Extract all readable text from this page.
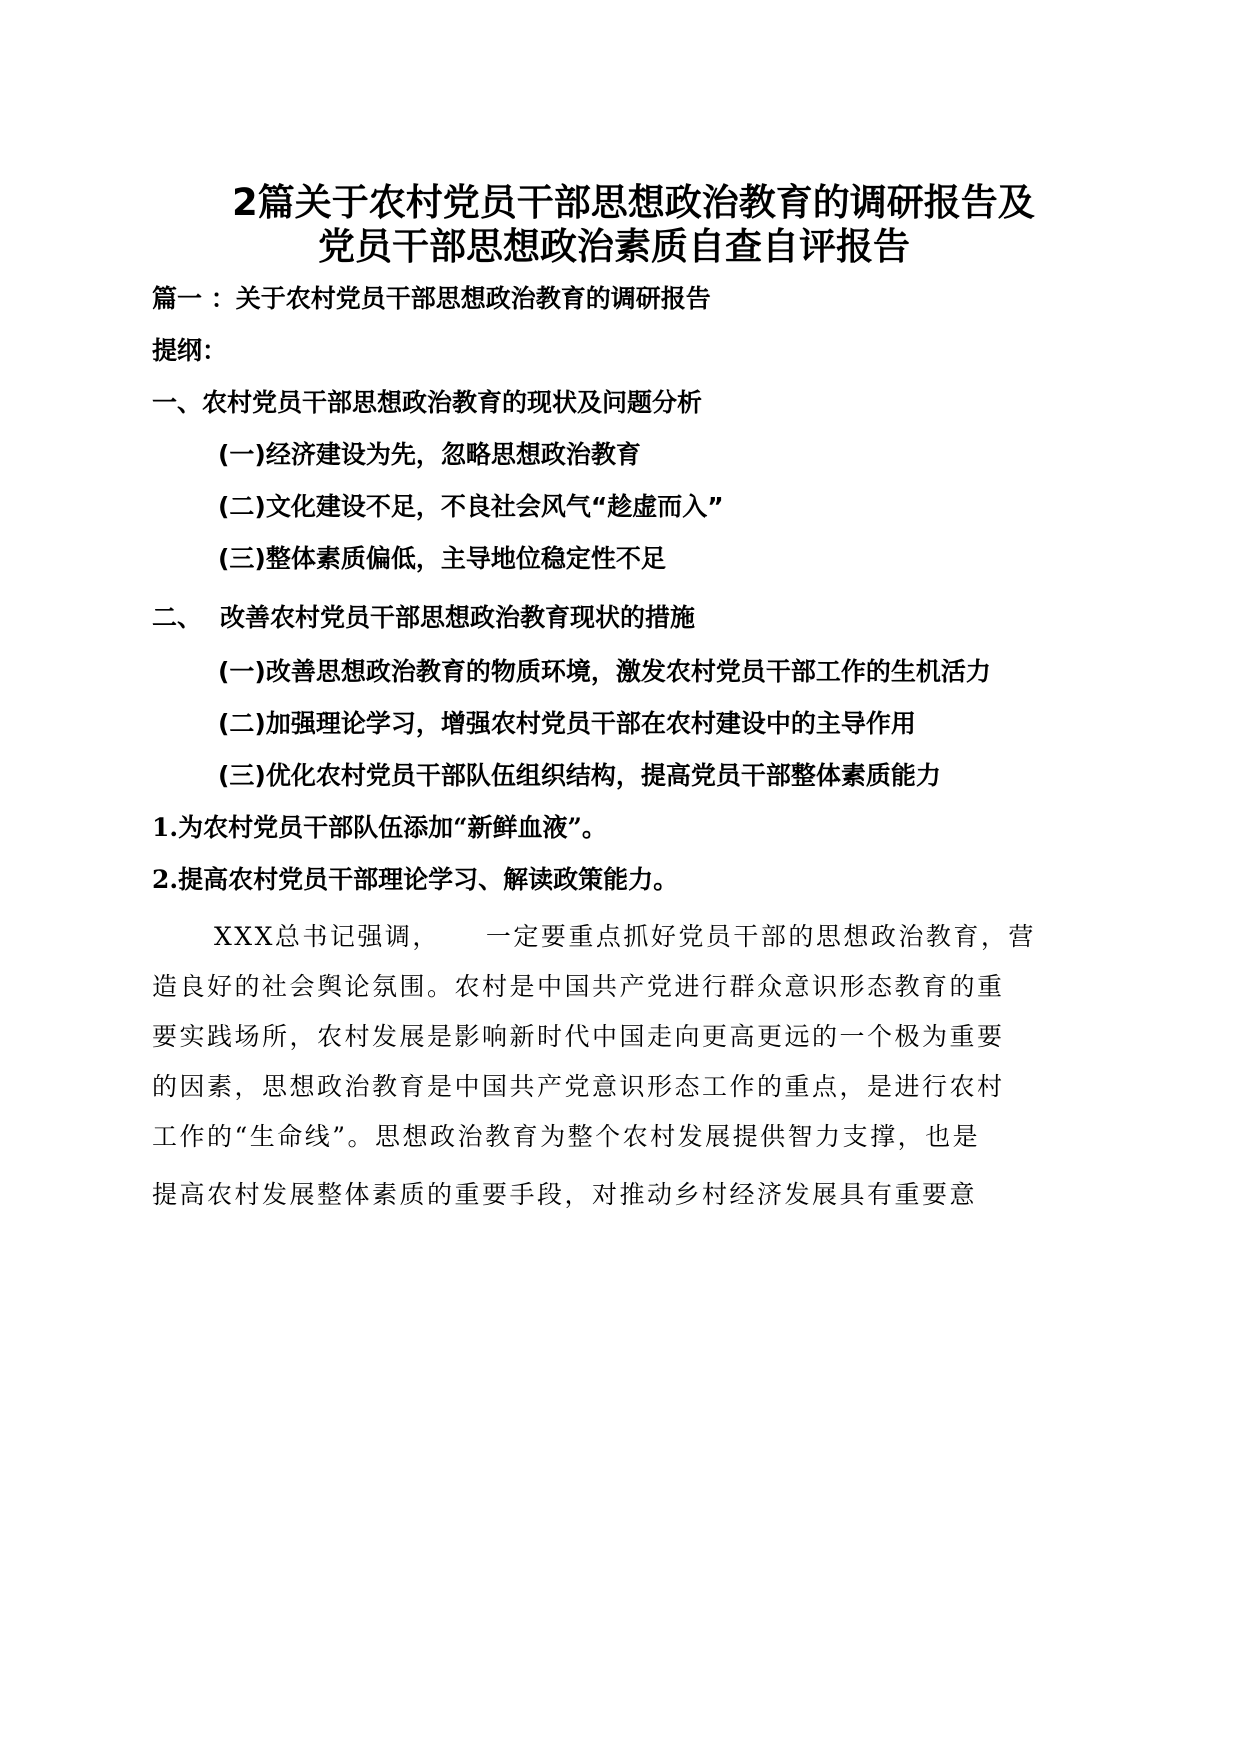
2篇关于农村党员干部思想政治教育的调研报告及
党员干部思想政治素质自查自评报告
篇一 ：关于农村党员干部思想政治教育的调研报告
提纲：
一、农村党员干部思想政治教育的现状及问题分析
(一)经济建设为先，忽略思想政治教育
(二)文化建设不足，不良社会风气“趁虚而入”
(三)整体素质偏低，主导地位稳定性不足
二、 改善农村党员干部思想政治教育现状的措施
(一)改善思想政治教育的物质环境，激发农村党员干部工作的生机活力
(二)加强理论学习，增强农村党员干部在农村建设中的主导作用
(三)优化农村党员干部队伍组织结构，提高党员干部整体素质能力
1.为农村党员干部队伍添加“新鲜血液”。
2.提高农村党员干部理论学习、解读政策能力。
XXX总书记强调， 一定要重点抓好党员干部的思想政治教育，营
造良好的社会舆论氛围。农村是中国共产党进行群众意识形态教育的重
要实践场所，农村发展是影响新时代中国走向更高更远的一个极为重要
的因素，思想政治教育是中国共产党意识形态工作的重点，是进行农村
工作的“生命线”。思想政治教育为整个农村发展提供智力支撑，也是
提高农村发展整体素质的重要手段，对推动乡村经济发展具有重要意
